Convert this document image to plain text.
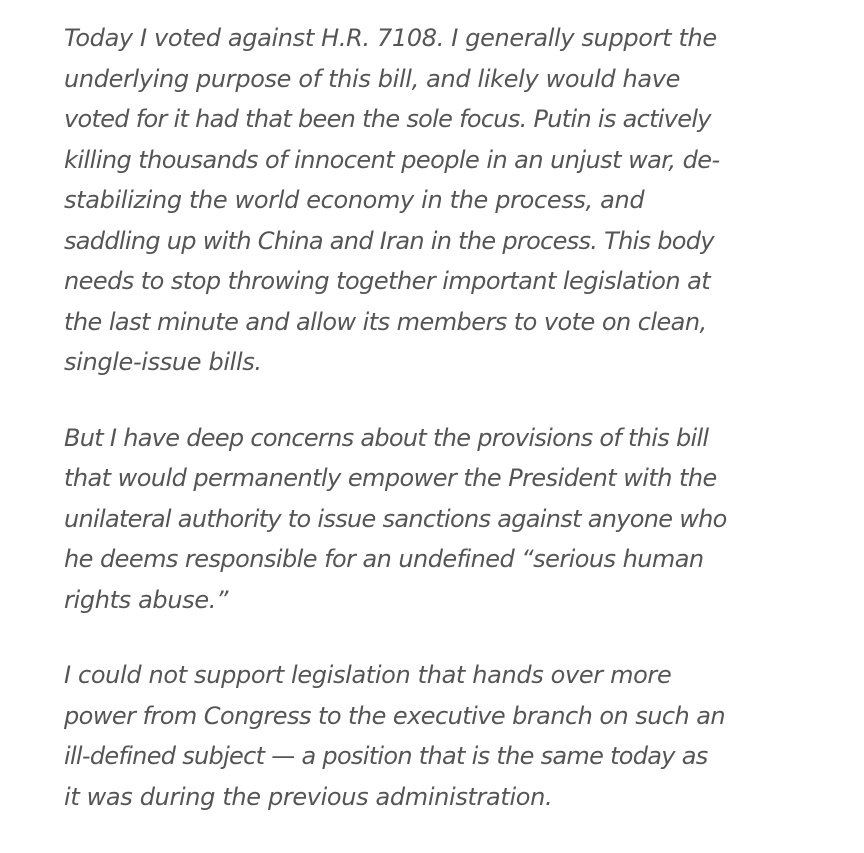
Today I voted against H.R. 7108. I generally support the
underlying purpose of this bill, and likely would have
voted for it had that been the sole focus. Putin is actively
killing thousands of innocent people in an unjust war, de-
stabilizing the world economy in the process, and
saddling up with China and Iran in the process. This body
needs to stop throwing together important legislation at
the last minute and allow its members to vote on clean,
single-issue bills.

But I have deep concerns about the provisions of this bill
that would permanently empower the President with the
unilateral authority to issue sanctions against anyone who
he deems responsible for an undefined “serious human
rights abuse.”

I could not support legislation that hands over more
power from Congress to the executive branch on such an
ill-defined subject — a position that is the same today as
it was during the previous administration.
